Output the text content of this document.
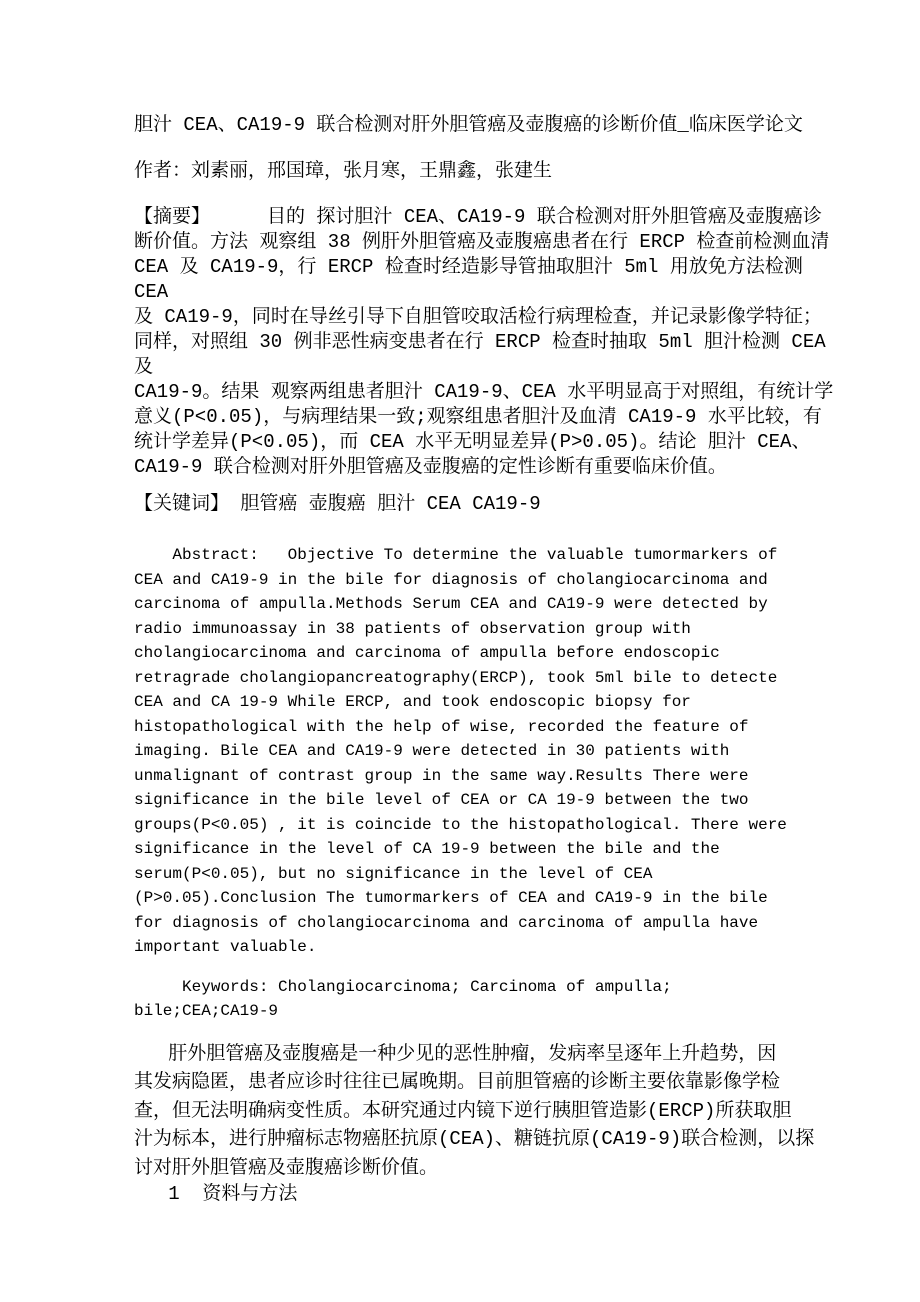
胆汁 CEA、CA19-9 联合检测对肝外胆管癌及壶腹癌的诊断价值_临床医学论文

作者：刘素丽，邢国璋，张月寒，王鼎鑫，张建生

【摘要】     目的 探讨胆汁 CEA、CA19-9 联合检测对肝外胆管癌及壶腹癌诊
断价值。方法 观察组 38 例肝外胆管癌及壶腹癌患者在行 ERCP 检查前检测血清
CEA 及 CA19-9，行 ERCP 检查时经造影导管抽取胆汁 5ml 用放免方法检测 CEA
及 CA19-9，同时在导丝引导下自胆管咬取活检行病理检查，并记录影像学特征；
同样，对照组 30 例非恶性病变患者在行 ERCP 检查时抽取 5ml 胆汁检测 CEA 及
CA19-9。结果 观察两组患者胆汁 CA19-9、CEA 水平明显高于对照组，有统计学
意义(P<0.05)，与病理结果一致;观察组患者胆汁及血清 CA19-9 水平比较，有
统计学差异(P<0.05)，而 CEA 水平无明显差异(P>0.05)。结论 胆汁 CEA、
CA19-9 联合检测对肝外胆管癌及壶腹癌的定性诊断有重要临床价值。

【关键词】 胆管癌 壶腹癌 胆汁 CEA CA19-9

Abstract:   Objective To determine the valuable tumormarkers of
CEA and CA19-9 in the bile for diagnosis of cholangiocarcinoma and
carcinoma of ampulla.Methods Serum CEA and CA19-9 were detected by
radio immunoassay in 38 patients of observation group with
cholangiocarcinoma and carcinoma of ampulla before endoscopic
retragrade cholangiopancreatography(ERCP), took 5ml bile to detecte
CEA and CA 19-9 While ERCP, and took endoscopic biopsy for
histopathological with the help of wise, recorded the feature of
imaging. Bile CEA and CA19-9 were detected in 30 patients with
unmalignant of contrast group in the same way.Results There were
significance in the bile level of CEA or CA 19-9 between the two
groups(P<0.05) , it is coincide to the histopathological. There were
significance in the level of CA 19-9 between the bile and the
serum(P<0.05), but no significance in the level of CEA
(P>0.05).Conclusion The tumormarkers of CEA and CA19-9 in the bile
for diagnosis of cholangiocarcinoma and carcinoma of ampulla have
important valuable.

Keywords: Cholangiocarcinoma; Carcinoma of ampulla;
bile;CEA;CA19-9

肝外胆管癌及壶腹癌是一种少见的恶性肿瘤，发病率呈逐年上升趋势，因
其发病隐匿，患者应诊时往往已属晚期。目前胆管癌的诊断主要依靠影像学检
查，但无法明确病变性质。本研究通过内镜下逆行胰胆管造影(ERCP)所获取胆
汁为标本，进行肿瘤标志物癌胚抗原(CEA)、糖链抗原(CA19-9)联合检测，以探
讨对肝外胆管癌及壶腹癌诊断价值。

1  资料与方法
